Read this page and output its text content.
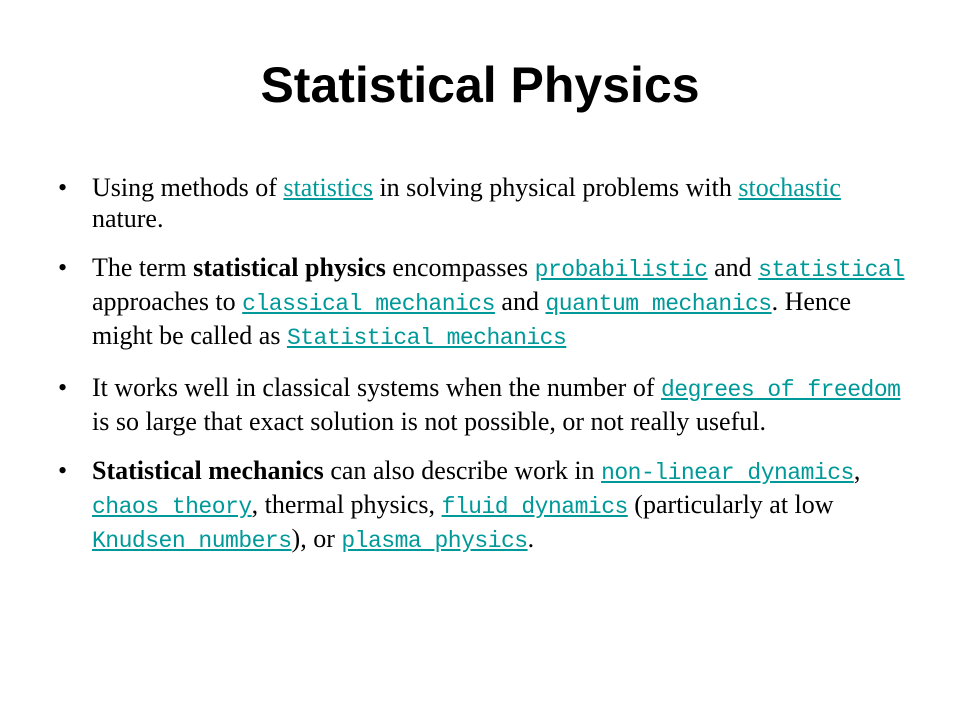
Statistical Physics
• Using methods of statistics in solving physical problems with stochastic nature.
• The term statistical physics encompasses probabilistic and statistical approaches to classical mechanics and quantum mechanics. Hence might be called as Statistical mechanics
• It works well in classical systems when the number of degrees of freedom is so large that exact solution is not possible, or not really useful.
• Statistical mechanics can also describe work in non-linear dynamics, chaos theory, thermal physics, fluid dynamics (particularly at low Knudsen numbers), or plasma physics.
